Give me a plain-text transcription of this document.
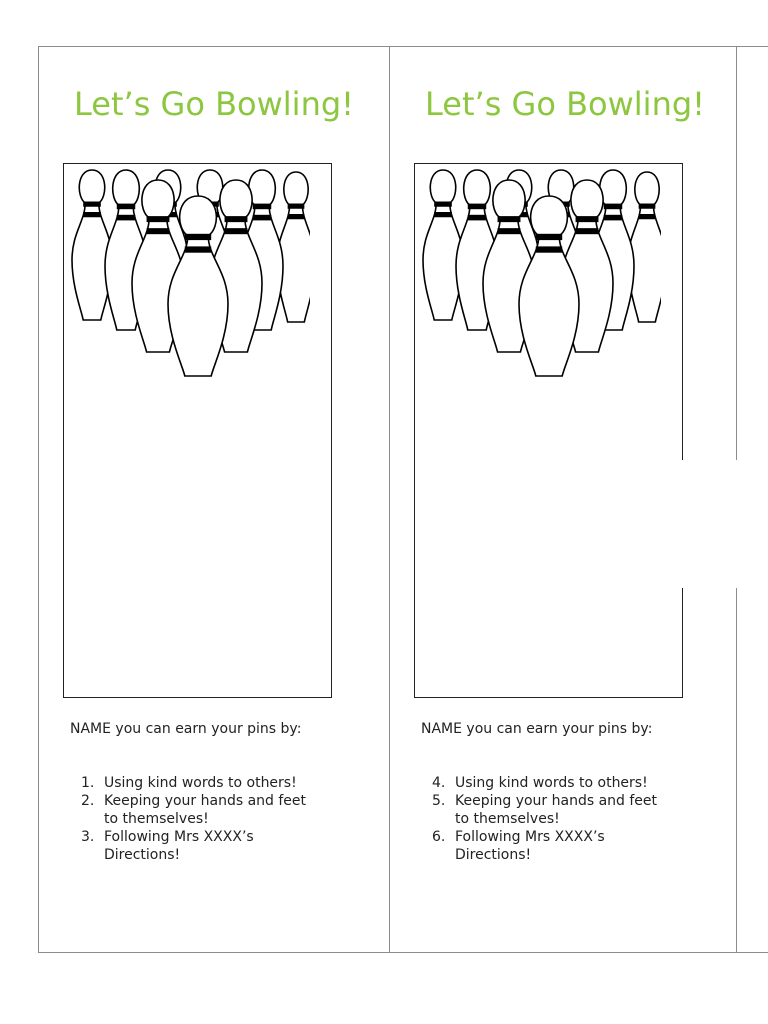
Let’s Go Bowling!
NAME you can earn your pins by:
1. Using kind words to others!
2. Keeping your hands and feet to themselves!
3. Following Mrs XXXX’s Directions!
Let’s Go Bowling!
NAME you can earn your pins by:
4. Using kind words to others!
5. Keeping your hands and feet to themselves!
6. Following Mrs XXXX’s Directions!
